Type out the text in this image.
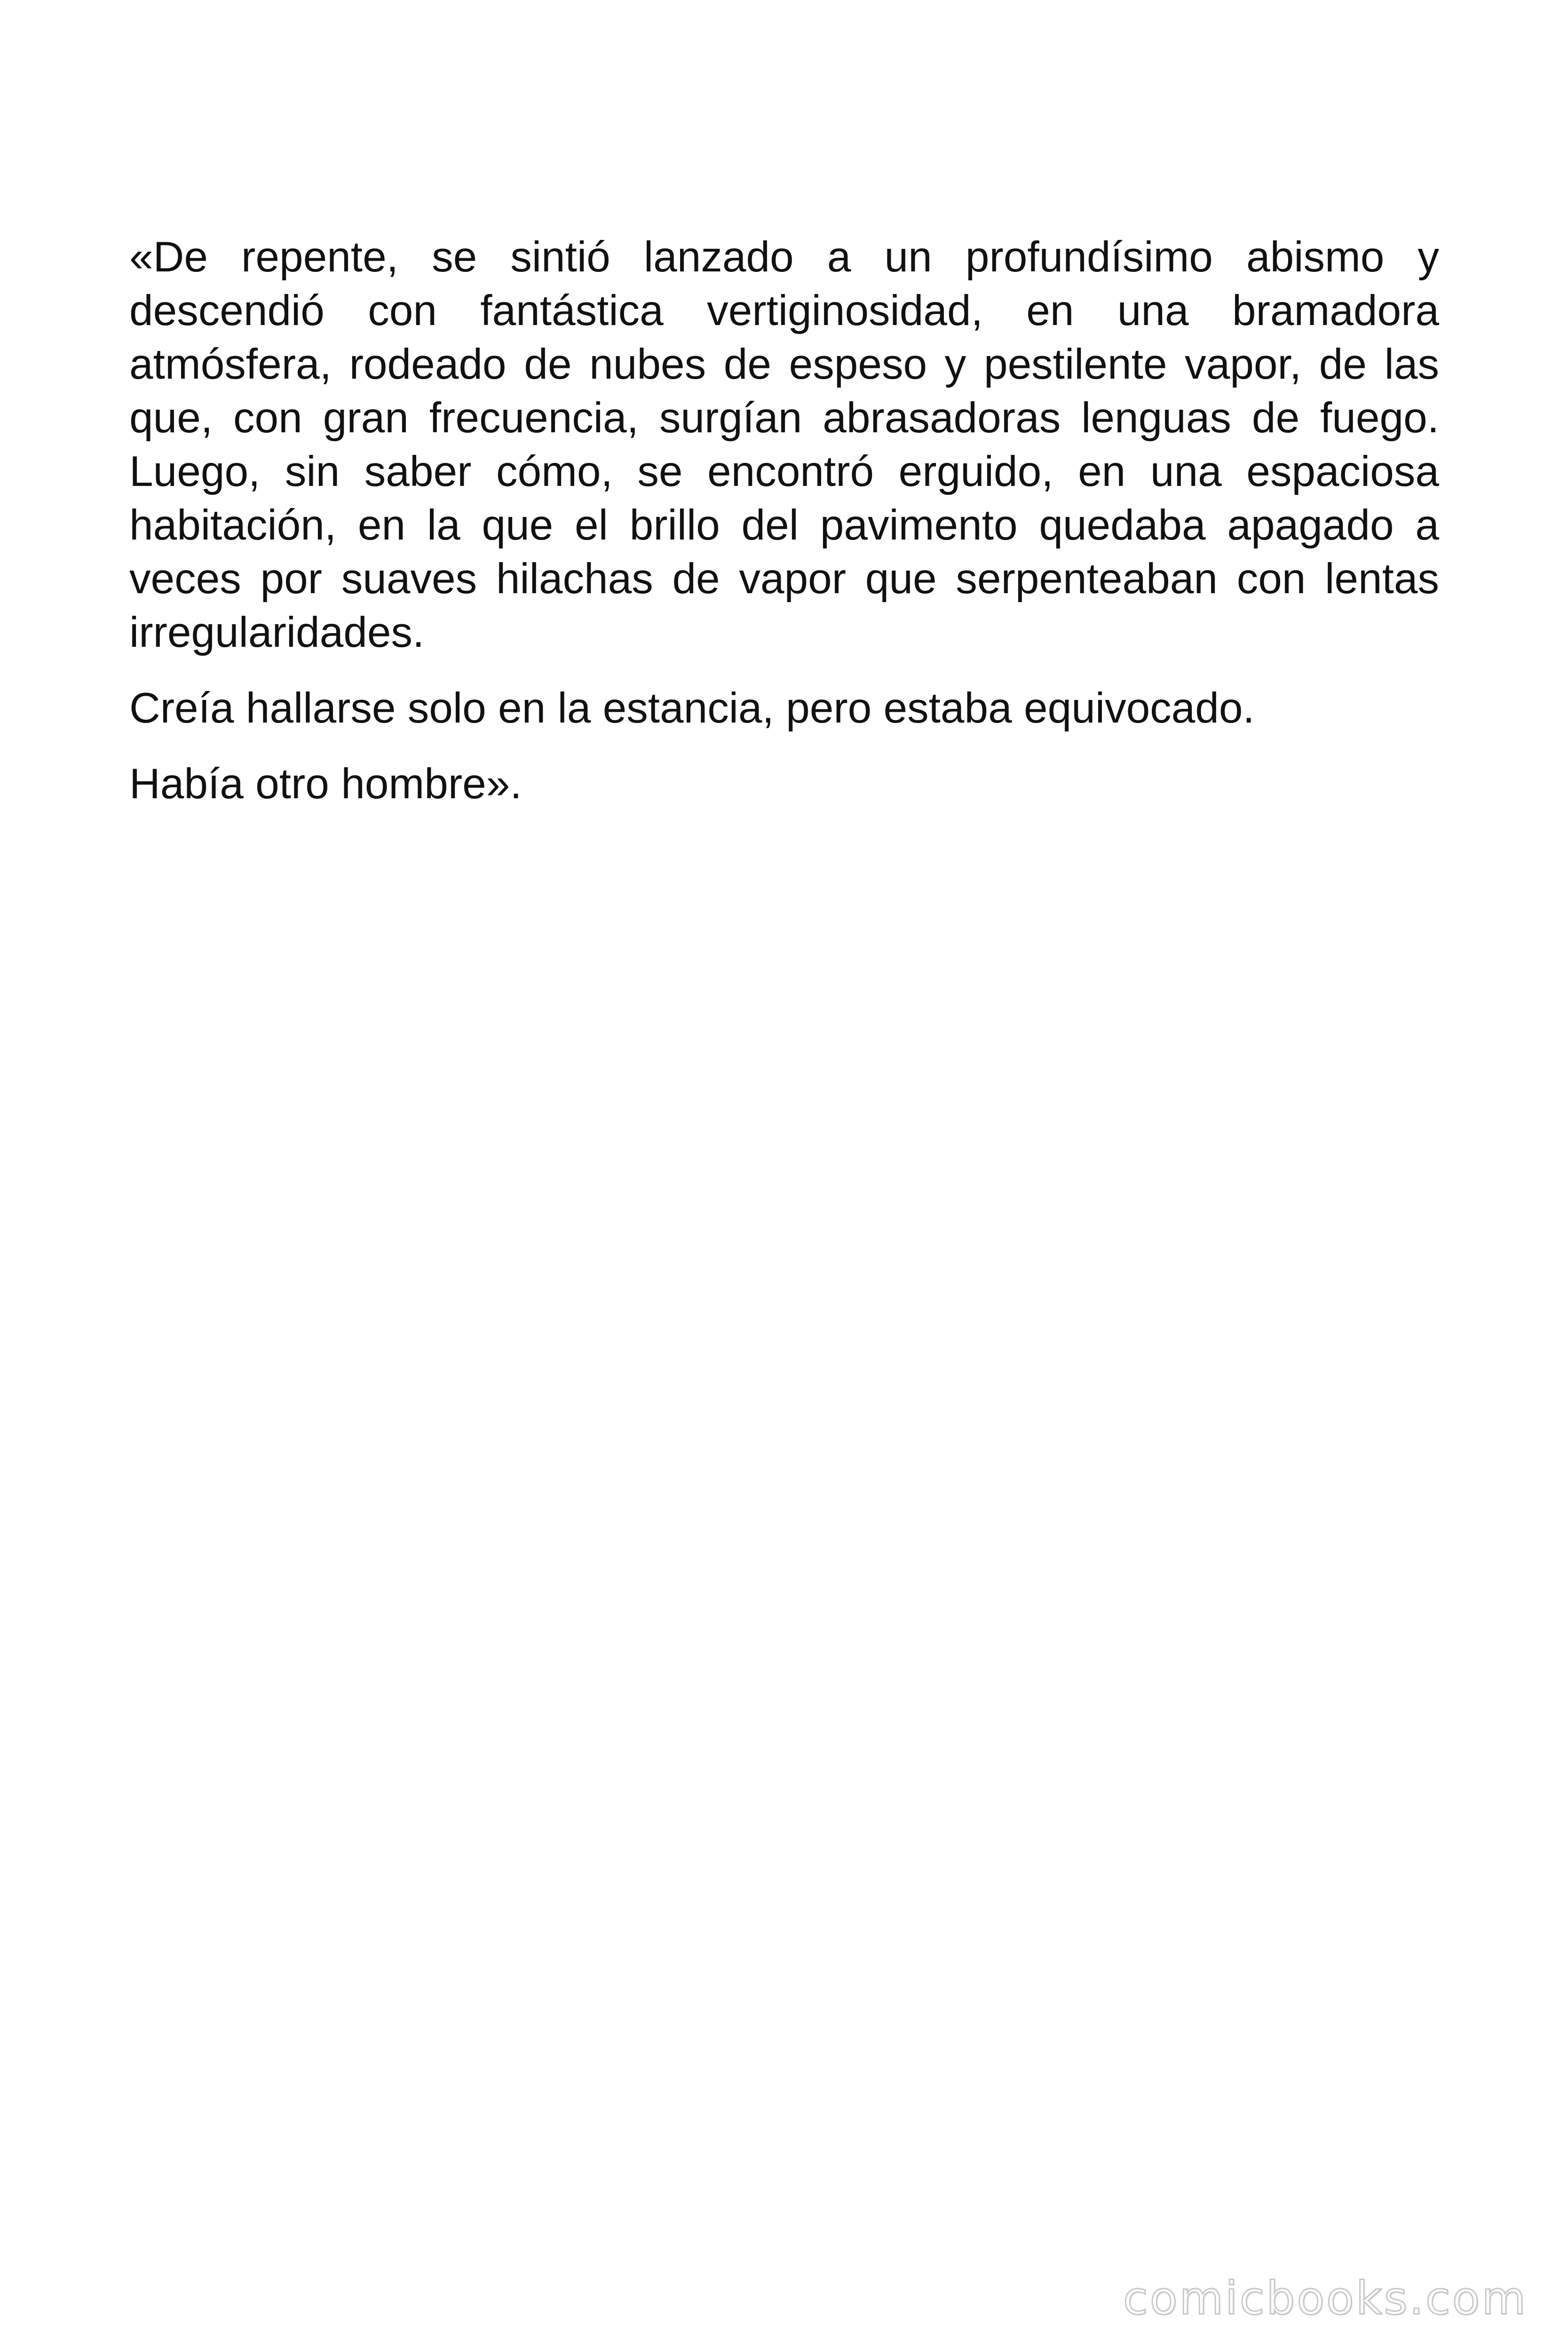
«De repente, se sintió lanzado a un profundísimo abismo y descendió con fantástica vertiginosidad, en una bramadora atmósfera, rodeado de nubes de espeso y pestilente vapor, de las que, con gran frecuencia, surgían abrasadoras lenguas de fuego. Luego, sin saber cómo, se encontró erguido, en una espaciosa habitación, en la que el brillo del pavimento quedaba apagado a veces por suaves hilachas de vapor que serpenteaban con lentas irregularidades.

Creía hallarse solo en la estancia, pero estaba equivocado.

Había otro hombre».

comicbooks.com
